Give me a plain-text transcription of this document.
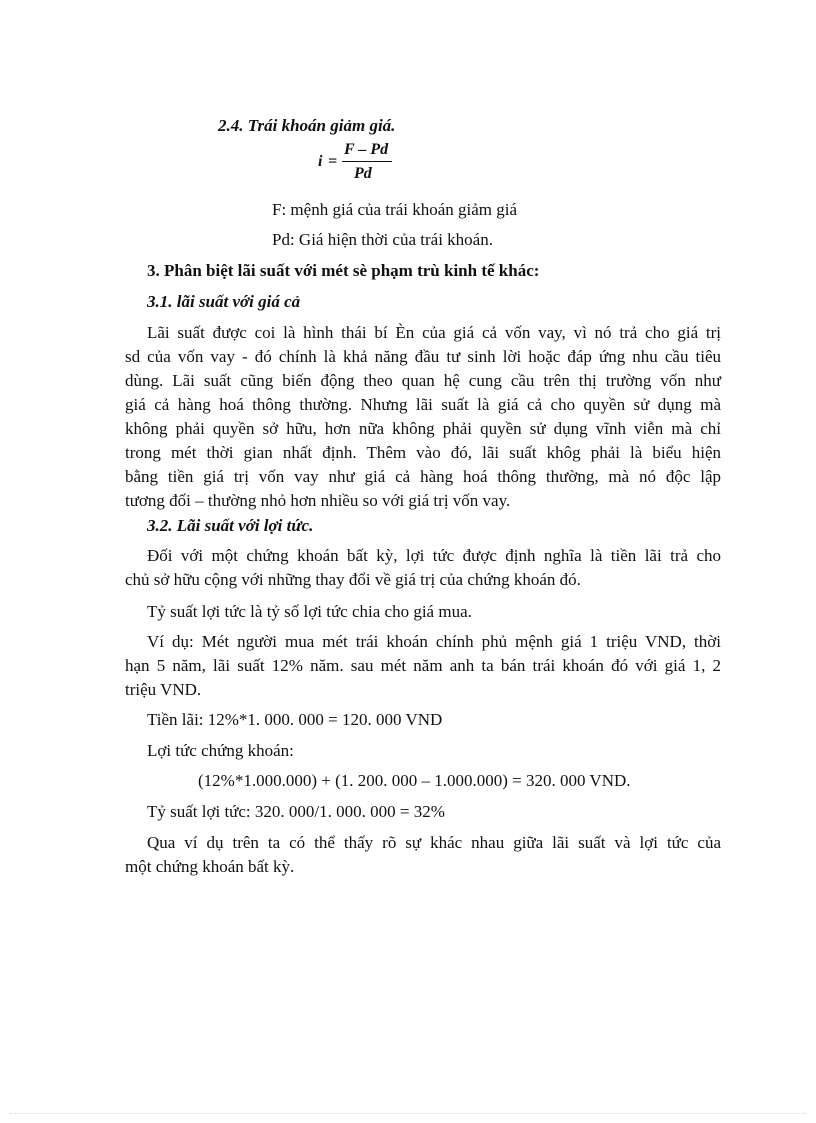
2.4. Trái khoán giảm giá.
i =
F – Pd
Pd
F: mệnh giá của trái khoán giảm giá
Pd: Giá hiện thời của trái khoán.
3. Phân biệt lãi suất với mét sè phạm trù kinh tế khác:
3.1. lãi suất với giá cả
Lãi suất được coi là hình thái bí Èn của giá cả vốn vay, vì nó trả cho giá trị
sd của vốn vay - đó chính là khả năng đầu tư sinh lời hoặc đáp ứng nhu cầu tiêu
dùng. Lãi suất cũng biến động theo quan hệ cung cầu trên thị trường vốn như
giá cả hàng hoá thông thường. Nhưng lãi suất là giá cả cho quyền sử dụng mà
không phải quyền sở hữu, hơn nữa không phải quyền sử dụng vĩnh viễn mà chỉ
trong mét thời gian nhất định. Thêm vào đó, lãi suất khôg phải là biểu hiện
bằng tiền giá trị vốn vay như giá cả hàng hoá thông thường, mà nó độc lập
tương đối – thường nhỏ hơn nhiều so với giá trị vốn vay.
3.2. Lãi suất với lợi tức.
Đối với một chứng khoán bất kỳ, lợi tức được định nghĩa là tiền lãi trả cho
chủ sở hữu cộng với những thay đổi về giá trị của chứng khoán đó.
Tỷ suất lợi tức là tỷ số lợi tức chia cho giá mua.
Ví dụ: Mét người mua mét trái khoán chính phủ mệnh giá 1 triệu VND, thời
hạn 5 năm, lãi suất 12% năm. sau mét năm anh ta bán trái khoán đó với giá 1, 2
triệu VND.
Tiền lãi: 12%*1. 000. 000 = 120. 000 VND
Lợi tức chứng khoán:
(12%*1.000.000) + (1. 200. 000 – 1.000.000) = 320. 000 VND.
Tỷ suất lợi tức: 320. 000/1. 000. 000 = 32%
Qua ví dụ trên ta có thể thấy rõ sự khác nhau giữa lãi suất và lợi tức của
một chứng khoán bất kỳ.
